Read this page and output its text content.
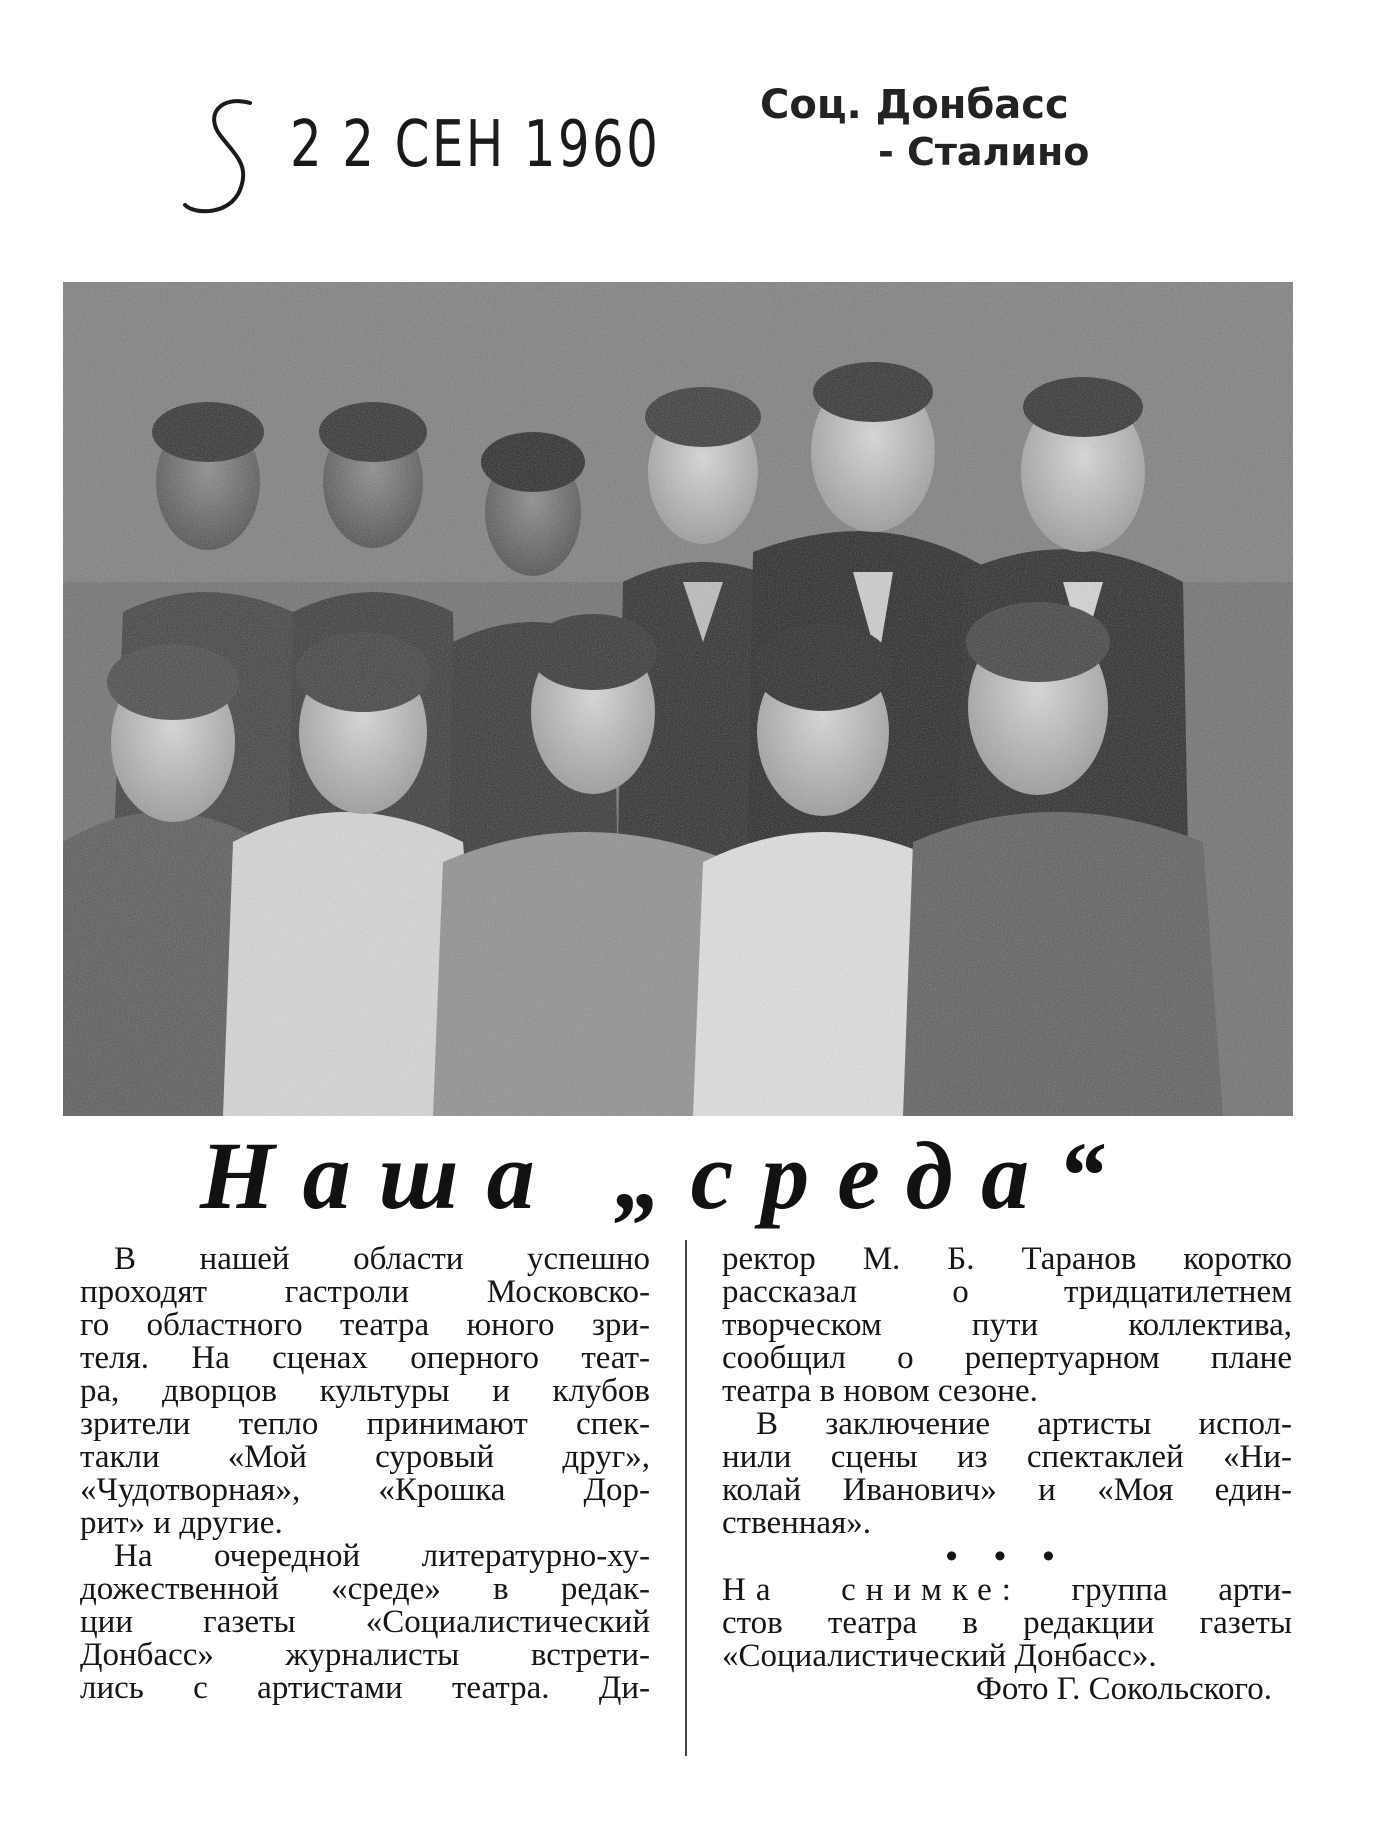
2 2 СЕН 1960
Соц. Донбасс
- Сталино
Наша „среда“
В нашей области успешно
проходят гастроли Московско-
го областного театра юного зри-
теля. На сценах оперного теат-
ра, дворцов культуры и клубов
зрители тепло принимают спек-
такли «Мой суровый друг»,
«Чудотворная», «Крошка Дор-
рит» и другие.
На очередной литературно-ху-
дожественной «среде» в редак-
ции газеты «Социалистический
Донбасс» журналисты встрети-
лись с артистами театра. Ди-
ректор М. Б. Таранов коротко
рассказал о тридцатилетнем
творческом пути коллектива,
сообщил о репертуарном плане
театра в новом сезоне.
В заключение артисты испол-
нили сцены из спектаклей «Ни-
колай Иванович» и «Моя един-
ственная».
• • •
На снимке: группа арти-
стов театра в редакции газеты
«Социалистический Донбасс».
Фото Г. Сокольского.
